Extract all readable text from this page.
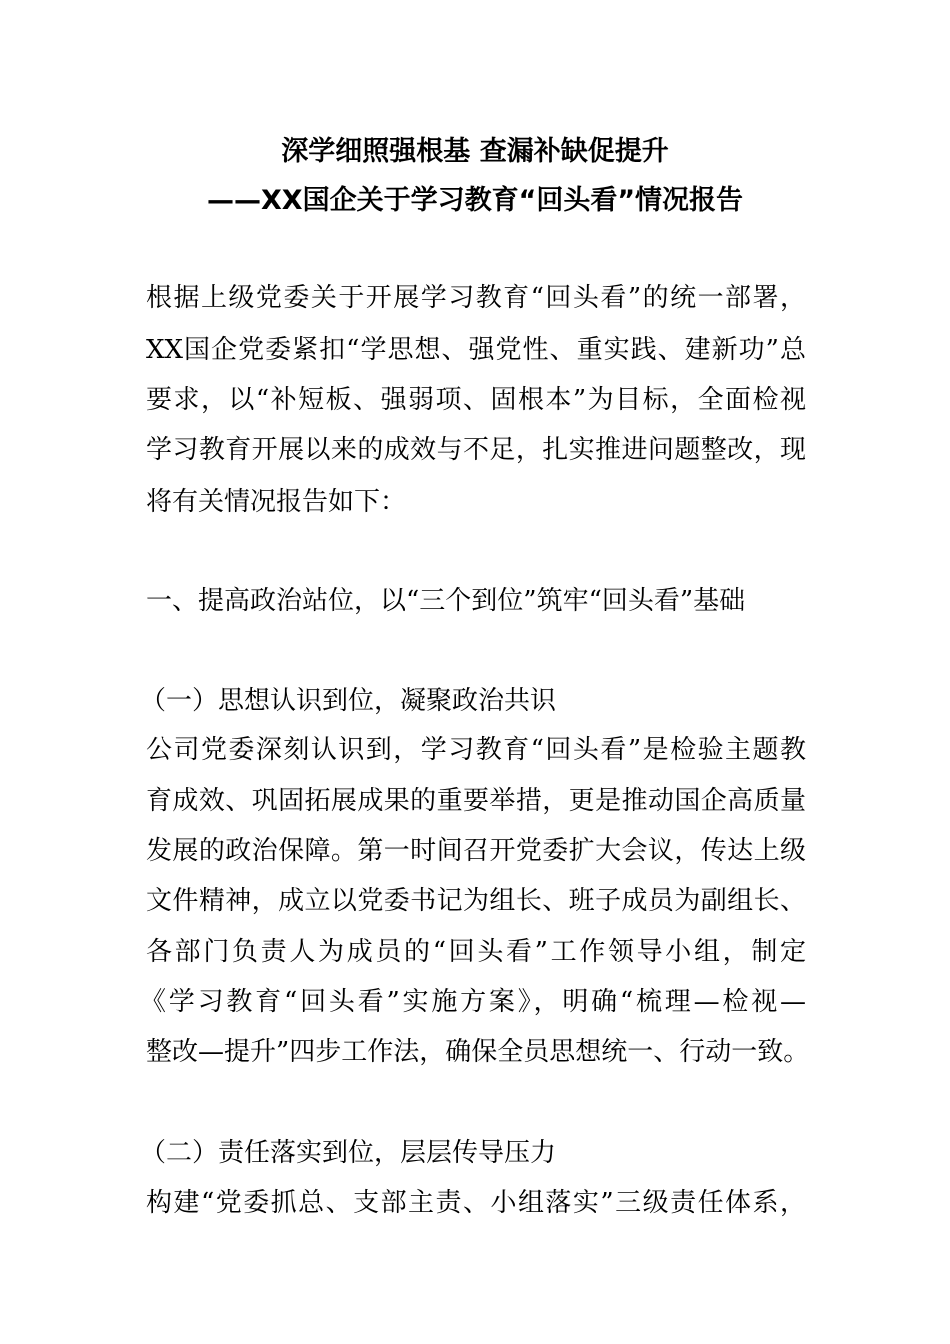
深学细照强根基 查漏补缺促提升
——XX国企关于学习教育“回头看”情况报告

根据上级党委关于开展学习教育“回头看”的统一部署，

XX国企党委紧扣“学思想、强党性、重实践、建新功”总

要求，以“补短板、强弱项、固根本”为目标，全面检视

学习教育开展以来的成效与不足，扎实推进问题整改，现

将有关情况报告如下：

一、提高政治站位，以“三个到位”筑牢“回头看”基础

（一）思想认识到位，凝聚政治共识

公司党委深刻认识到，学习教育“回头看”是检验主题教

育成效、巩固拓展成果的重要举措，更是推动国企高质量

发展的政治保障。第一时间召开党委扩大会议，传达上级

文件精神，成立以党委书记为组长、班子成员为副组长、

各部门负责人为成员的“回头看”工作领导小组，制定

《学习教育“回头看”实施方案》，明确“梳理—检视—

整改—提升”四步工作法，确保全员思想统一、行动一致。

（二）责任落实到位，层层传导压力

构建“党委抓总、支部主责、小组落实”三级责任体系，
